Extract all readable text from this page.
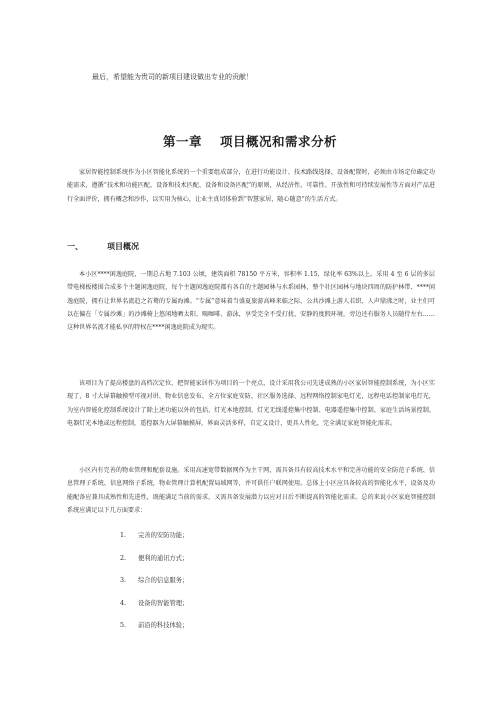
最后，希望能为贵司的新项目建设做出专业的贡献！
第一章 项目概况和需求分析

家居智能控制系统作为小区智能化系统的一个重要组成部分，在进行功能设计、技术路线选择、设备配置时，必须由市场定位确定功能需求，遵循“技术和功能匹配、设备和技术匹配、设备和设备匹配”的原则，从经济性、可靠性、开放性和可持续发展性等方面对产品进行全面评价，拥有概念和沙作，以实用为核心，让业主真切体验到“智慧家居，随心随意”的生活方式。

一、	项目概况

本小区****闲逸庭院，一期总占地 7.103 公顷，建筑面积 78150 平方米，容积率 1.15，绿化率 63%以上。采用 4 至 6 层的多层带电梯板楼围合成多个主题闲逸庭院，每个主题闲逸庭院都有各自的主题园林与水系园林，整个社区园林与地块四周的防护林带、****闲逸庭院，拥有让世界名流趋之若鹜的专属海滩。“专属”意味着当盛夏旅游高峰来临之际，公共沙滩上游人若织、人声鼎沸之时，业主们可以在偏在「专属沙滩」的沙滩椅上悠闲地晒太阳、喝咖啡、游泳，享受完全不受打扰、安静的度假环境，旁边还有服务人员随侍左右……这种世界名流才能私享的特权在****闲逸庭院成为现实。

该项目为了提高楼盘的高档次定位，把智能家居作为项目的一个亮点，设计采用我公司先进成熟的小区家居智能控制系统，为小区实现了，8 寸大屏幕触摸型可视对讲、物业信息发布、全方位家庭安防、社区服务选择、远程网络控制家电灯光，远程电话控制家电灯光，为室内智能化控制系统设计了除上述功能以外的包括，灯光本地控制、灯光无线遥控集中控制、电器遥控集中控制、家庭生活场景控制、电器灯光本地或远程控制，遥控器为大屏幕触摸屏，界面灵活多样，自定义设计，更具人性化，完全满足家庭智能化需求。

小区内有完善的物业管理和配套设施。采用高速宽带数据网作为主干网，需具备具有较高技术水平和完善功能的安全防范子系统、信息管理子系统、信息网络子系统，物业管理计算机配置局域网等，并可供任户联网使用。总体上小区应具备较高的智能化水平，设备及功能配备应兼具成熟性和先进性，既能满足当前的需求，又需具备发展潜力以应对日后不断提高的智能化需求。总的来说小区家庭智能控制系统应满足以下几方面要求：

1. 完善的安防功能；
2. 便利的通讯方式；
3. 综合的信息服务；
4. 设备的智能管理；
5. 前沿的科技体验；
